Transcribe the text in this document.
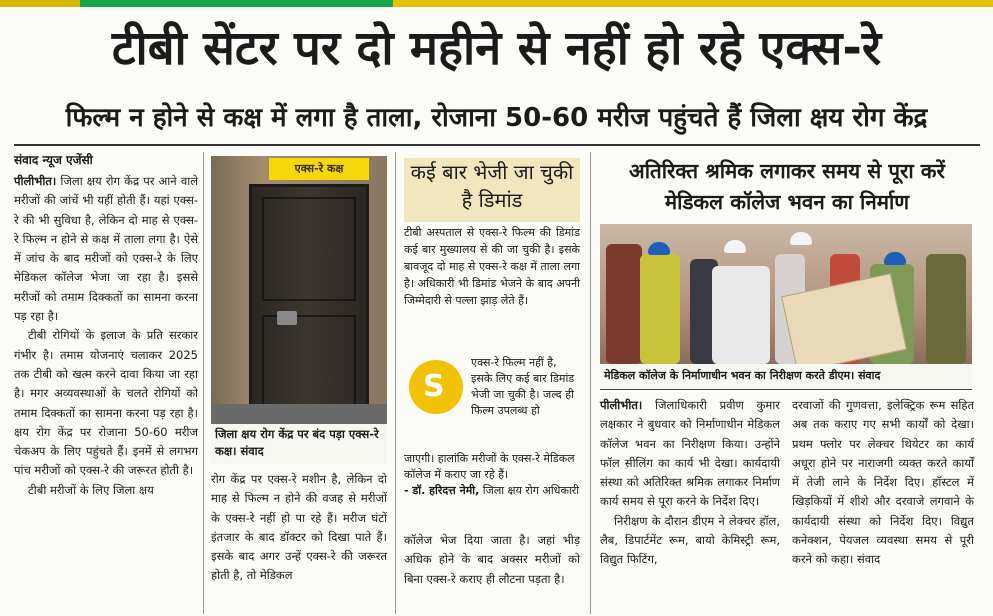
टीबी सेंटर पर दो महीने से नहीं हो रहे एक्स-रे
फिल्म न होने से कक्ष में लगा है ताला, रोजाना 50-60 मरीज पहुंचते हैं जिला क्षय रोग केंद्र
संवाद न्यूज एजेंसी

पीलीभीत। जिला क्षय रोग केंद्र पर आने वाले मरीजों की जांचें भी यहीं होती हैं। यहां एक्स-रे की भी सुविधा है, लेकिन दो माह से एक्स-रे फिल्म न होने से कक्ष में ताला लगा है। ऐसे में जांच के बाद मरीजों को एक्स-रे के लिए मेडिकल कॉलेज भेजा जा रहा है। इससे मरीजों को तमाम दिक्कतों का सामना करना पड़ रहा है।

टीबी रोगियों के इलाज के प्रति सरकार गंभीर है। तमाम योजनाएं चलाकर 2025 तक टीबी को खत्म करने दावा किया जा रहा है। मगर अव्यवस्थाओं के चलते रोगियों को तमाम दिक्कतों का सामना करना पड़ रहा है। क्षय रोग केंद्र पर रोजाना 50-60 मरीज चेकअप के लिए पहुंचते हैं। इनमें से लगभग पांच मरीजों को एक्स-रे की जरूरत होती है।

टीबी मरीजों के लिए जिला क्षय

एक्स-रे कक्ष
जिला क्षय रोग केंद्र पर बंद पड़ा एक्स-रे कक्ष। संवाद

रोग केंद्र पर एक्स-रे मशीन है, लेकिन दो माह से फिल्म न होने की वजह से मरीजों के एक्स-रे नहीं हो पा रहे हैं। मरीज घंटों इंतजार के बाद डॉक्टर को दिखा पाते हैं। इसके बाद अगर उन्हें एक्स-रे की जरूरत होती है, तो मेडिकल

कई बार भेजी जा चुकी है डिमांड
टीबी अस्पताल से एक्स-रे फिल्म की डिमांड कई बार मुख्यालय से की जा चुकी है। इसके बावजूद दो माह से एक्स-रे कक्ष में ताला लगा है। अधिकारी भी डिमांड भेजने के बाद अपनी जिम्मेदारी से पल्ला झाड़ लेते हैं।
S
एक्स-रे फिल्म नहीं है, इसके लिए कई बार डिमांड भेजी जा चुकी है। जल्द ही फिल्म उपलब्ध हो
जाएगी। हालांकि मरीजों के एक्स-रे मेडिकल कॉलेज में कराए जा रहे हैं।
- डॉ. हरिदत्त नेमी, जिला क्षय रोग अधिकारी
कॉलेज भेज दिया जाता है। जहां भीड़ अधिक होने के बाद अक्सर मरीजों को बिना एक्स-रे कराए ही लौटना पड़ता है।
अतिरिक्त श्रमिक लगाकर समय से पूरा करें मेडिकल कॉलेज भवन का निर्माण
मेडिकल कॉलेज के निर्माणाधीन भवन का निरीक्षण करते डीएम। संवाद

पीलीभीत। जिलाधिकारी प्रवीण कुमार लक्षकार ने बुधवार को निर्माणाधीन मेडिकल कॉलेज भवन का निरीक्षण किया। उन्होंने फॉल सीलिंग का कार्य भी देखा। कार्यदायी संस्था को अतिरिक्त श्रमिक लगाकर निर्माण कार्य समय से पूरा करने के निर्देश दिए।

निरीक्षण के दौरान डीएम ने लेक्चर हॉल, लैब, डिपार्टमेंट रूम, बायो केमिस्ट्री रूम, विद्युत फिटिंग,

दरवाजों की गुणवत्ता, इलेक्ट्रिक रूम सहित अब तक कराए गए सभी कार्यों को देखा। प्रथम फ्लोर पर लेक्चर थियेटर का कार्य अधूरा होने पर नाराजगी व्यक्त करते कार्यों में तेजी लाने के निर्देश दिए। हॉस्टल में खिड़कियों में शीशे और दरवाजे लगवाने के कार्यदायी संस्था को निर्देश दिए। विद्युत कनेक्शन, पेयजल व्यवस्था समय से पूरी करने को कहा। संवाद
